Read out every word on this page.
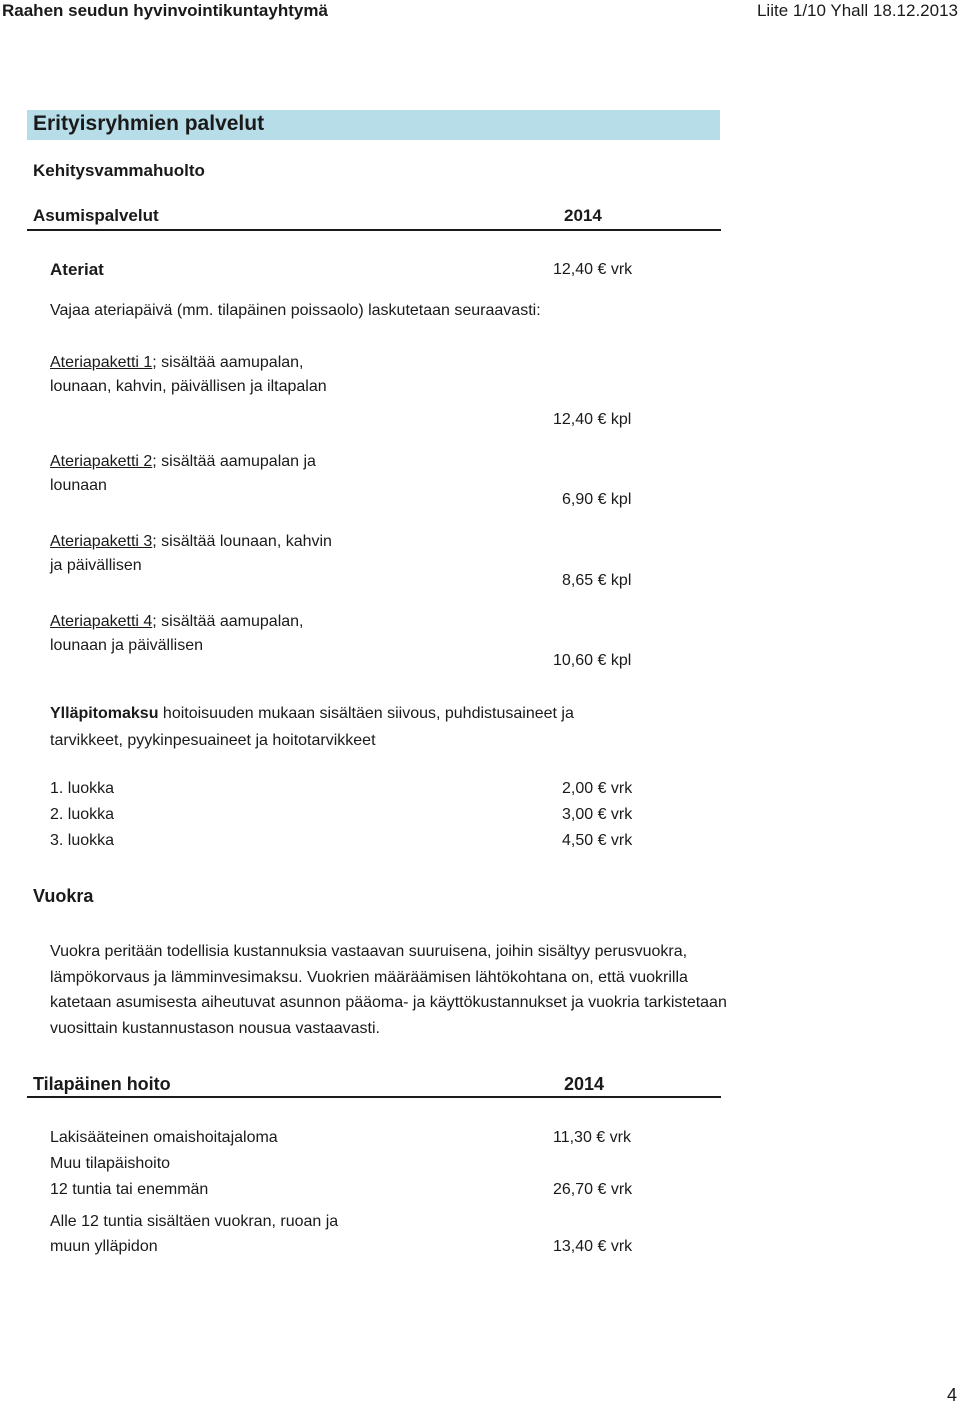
Raahen seudun hyvinvointikuntayhtymä	Liite 1/10 Yhall 18.12.2013
Erityisryhmien palvelut
Kehitysvammahuolto
Asumispalvelut	2014
Ateriat	12,40 € vrk
Vajaa ateriapäivä (mm. tilapäinen poissaolo) laskutetaan seuraavasti:
Ateriapaketti 1; sisältää aamupalan,
lounaan, kahvin, päivällisen ja iltapalan
12,40 € kpl
Ateriapaketti 2; sisältää aamupalan ja
lounaan
6,90 € kpl
Ateriapaketti 3; sisältää lounaan, kahvin
ja päivällisen
8,65 € kpl
Ateriapaketti 4; sisältää aamupalan,
lounaan ja päivällisen
10,60 € kpl
Ylläpitomaksu hoitoisuuden mukaan sisältäen siivous, puhdistusaineet ja
tarvikkeet, pyykinpesuaineet ja hoitotarvikkeet
1. luokka	2,00 € vrk
2. luokka	3,00 € vrk
3. luokka	4,50 € vrk
Vuokra
Vuokra peritään todellisia kustannuksia vastaavan suuruisena, joihin sisältyy perusvuokra,
lämpökorvaus ja lämminvesimaksu. Vuokrien määräämisen lähtökohtana on, että vuokrilla
katetaan asumisesta aiheutuvat asunnon pääoma- ja käyttökustannukset ja vuokria tarkistetaan
vuosittain kustannustason nousua vastaavasti.
Tilapäinen hoito	2014
Lakisääteinen omaishoitajaloma	11,30 € vrk
Muu tilapäishoito
12 tuntia tai enemmän	26,70 € vrk
Alle 12 tuntia sisältäen vuokran, ruoan ja
muun ylläpidon	13,40 € vrk
4
